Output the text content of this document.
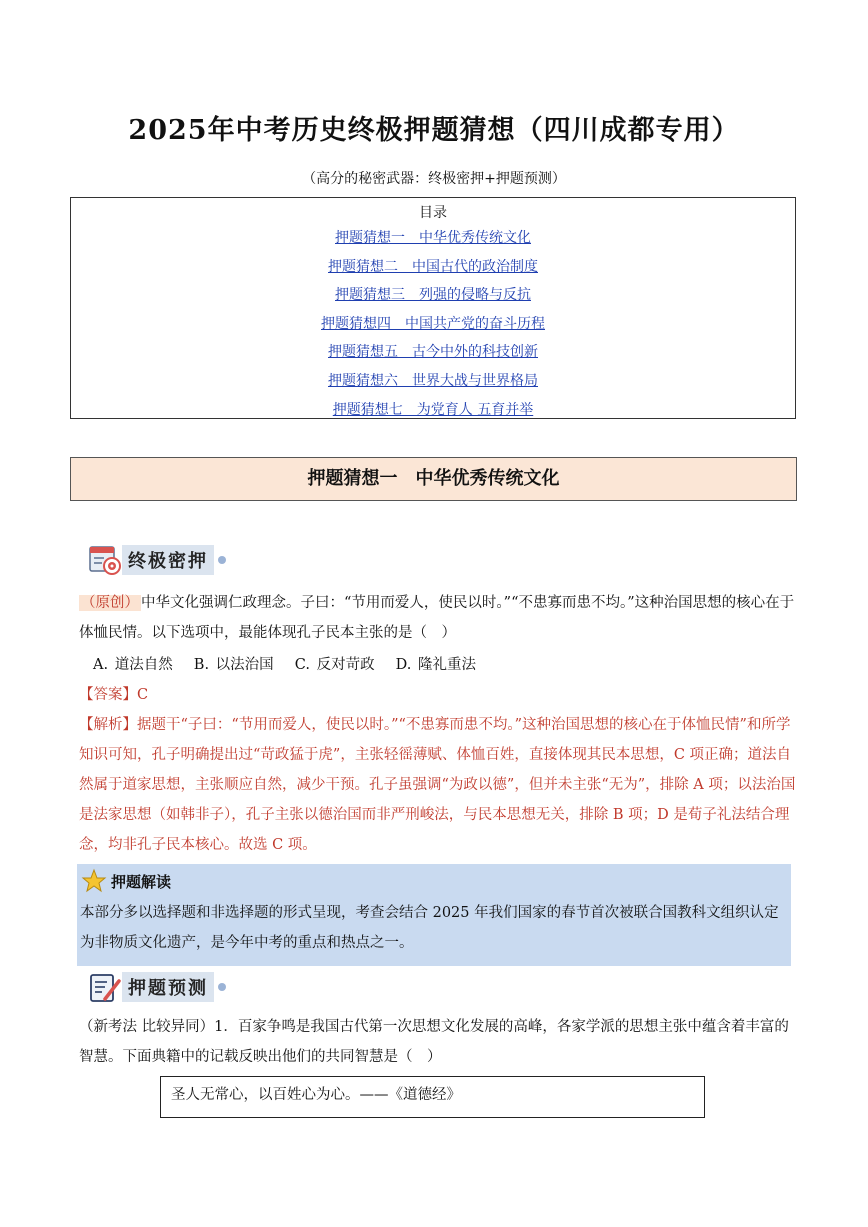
2025年中考历史终极押题猜想（四川成都专用）
（高分的秘密武器：终极密押+押题预测）
目录
押题猜想一　中华优秀传统文化
押题猜想二　中国古代的政治制度
押题猜想三　列强的侵略与反抗
押题猜想四　中国共产党的奋斗历程
押题猜想五　古今中外的科技创新
押题猜想六　世界大战与世界格局
押题猜想七　为党育人 五育并举
押题猜想一　中华优秀传统文化
终极密押
（原创） 中华文化强调仁政理念。子曰：“节用而爱人，使民以时。”“不患寡而患不均。”这种治国思想的核心在于体恤民情。以下选项中，最能体现孔子民本主张的是（　）
A. 道法自然　 B. 以法治国　 C. 反对苛政　 D. 隆礼重法
【答案】C
【解析】据题干“子曰：“节用而爱人，使民以时。”“不患寡而患不均。”这种治国思想的核心在于体恤民情”和所学知识可知，孔子明确提出过“苛政猛于虎”，主张轻徭薄赋、体恤百姓，直接体现其民本思想，C 项正确；道法自然属于道家思想，主张顺应自然，减少干预。孔子虽强调“为政以德”，但并未主张“无为”，排除 A 项；以法治国是法家思想（如韩非子），孔子主张以德治国而非严刑峻法，与民本思想无关，排除 B 项；D 是荀子礼法结合理念，均非孔子民本核心。故选 C 项。
押题解读
本部分多以选择题和非选择题的形式呈现，考查会结合 2025 年我们国家的春节首次被联合国教科文组织认定为非物质文化遗产，是今年中考的重点和热点之一。
押题预测
（新考法 比较异同）1．百家争鸣是我国古代第一次思想文化发展的高峰，各家学派的思想主张中蕴含着丰富的智慧。下面典籍中的记载反映出他们的共同智慧是（　）
圣人无常心，以百姓心为心。——《道德经》
